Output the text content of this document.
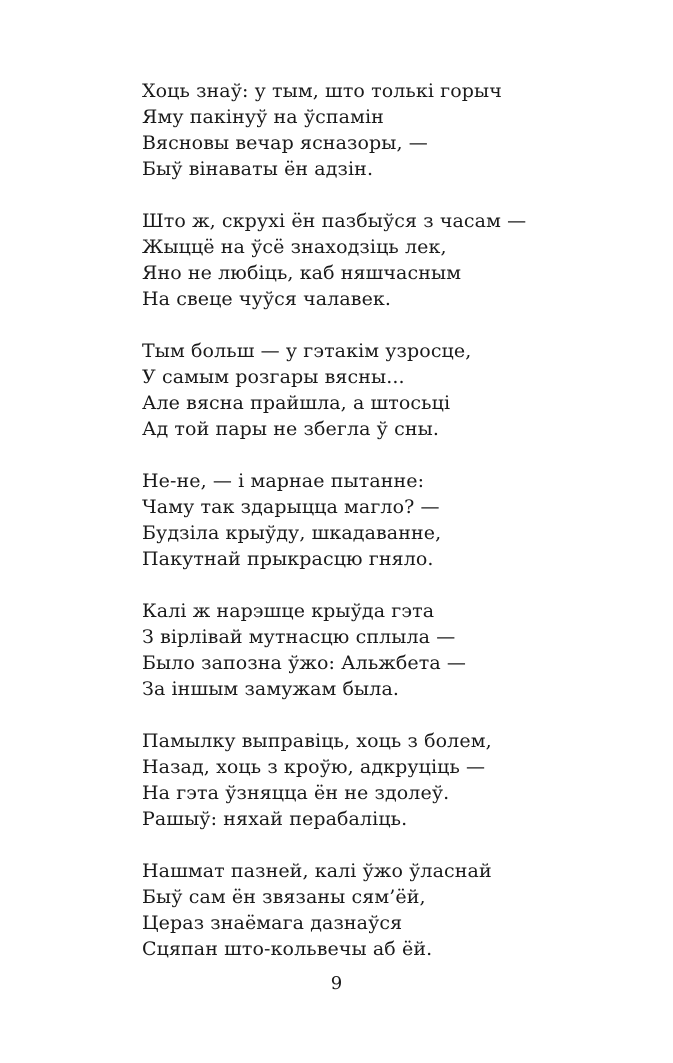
Хоць знаў: у тым, што толькі горыч
Яму пакінуў на ўспамін
Вясновы вечар ясназоры, —
Быў вінаваты ён адзін.
Што ж, скрухі ён пазбыўся з часам —
Жыццё на ўсё знаходзіць лек,
Яно не любіць, каб няшчасным
На свеце чуўся чалавек.
Тым больш — у гэтакім узросце,
У самым розгары вясны...
Але вясна прайшла, а штосьці
Ад той пары не збегла ў сны.
Не-не, — і марнае пытанне:
Чаму так здарыцца магло? —
Будзіла крыўду, шкадаванне,
Пакутнай прыкрасцю гняло.
Калі ж нарэшце крыўда гэта
З вірлівай мутнасцю сплыла —
Было запозна ўжо: Альжбета —
За іншым замужам была.
Памылку выправіць, хоць з болем,
Назад, хоць з кроўю, адкруціць —
На гэта ўзняцца ён не здолеў.
Рашыў: няхай перабаліць.
Нашмат пазней, калі ўжо ўласнай
Быў сам ён звязаны сям’ёй,
Цераз знаёмага дазнаўся
Сцяпан што-кольвечы аб ёй.
9
